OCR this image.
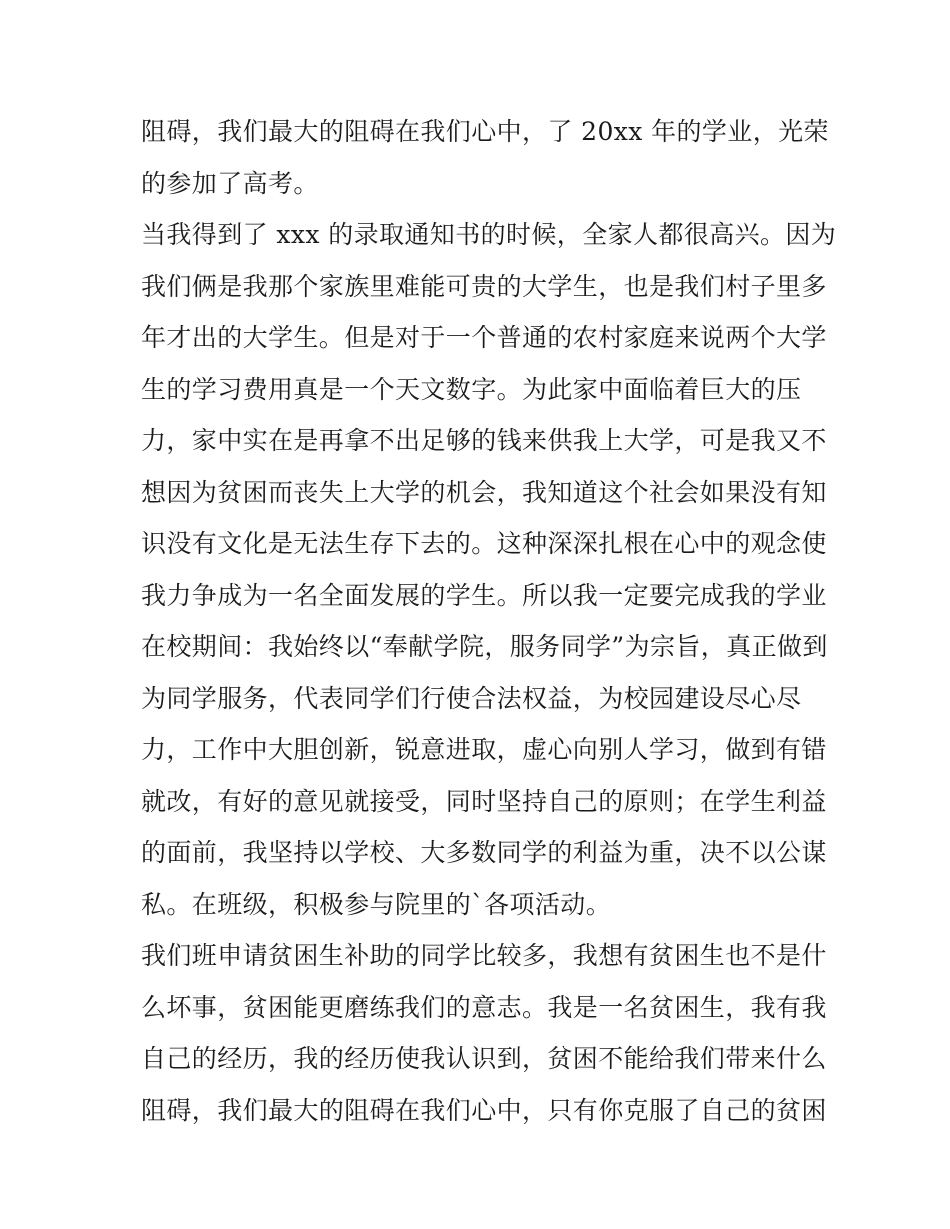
阻碍，我们最大的阻碍在我们心中，了 20xx 年的学业，光荣
的参加了高考。
当我得到了 xxx 的录取通知书的时候，全家人都很高兴。因为
我们俩是我那个家族里难能可贵的大学生，也是我们村子里多
年才出的大学生。但是对于一个普通的农村家庭来说两个大学
生的学习费用真是一个天文数字。为此家中面临着巨大的压
力，家中实在是再拿不出足够的钱来供我上大学，可是我又不
想因为贫困而丧失上大学的机会，我知道这个社会如果没有知
识没有文化是无法生存下去的。这种深深扎根在心中的观念使
我力争成为一名全面发展的学生。所以我一定要完成我的学业
在校期间：我始终以“奉献学院，服务同学”为宗旨，真正做到
为同学服务，代表同学们行使合法权益，为校园建设尽心尽
力，工作中大胆创新，锐意进取，虚心向别人学习，做到有错
就改，有好的意见就接受，同时坚持自己的原则；在学生利益
的面前，我坚持以学校、大多数同学的利益为重，决不以公谋
私。在班级，积极参与院里的`各项活动。
我们班申请贫困生补助的同学比较多，我想有贫困生也不是什
么坏事，贫困能更磨练我们的意志。我是一名贫困生，我有我
自己的经历，我的经历使我认识到，贫困不能给我们带来什么
阻碍，我们最大的阻碍在我们心中，只有你克服了自己的贫困
